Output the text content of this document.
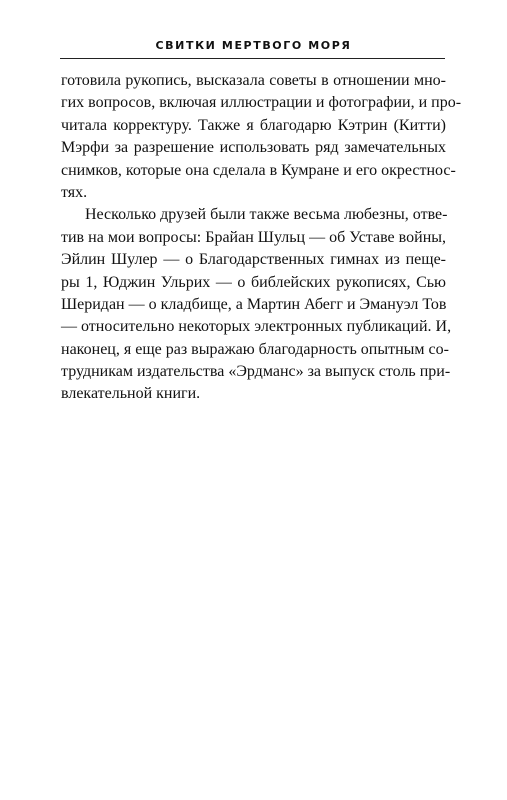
СВИТКИ МЕРТВОГО МОРЯ
готовила рукопись, высказала советы в отношении мно-
гих вопросов, включая иллюстрации и фотографии, и про-
читала корректуру. Также я благодарю Кэтрин (Китти)
Мэрфи за разрешение использовать ряд замечательных
снимков, которые она сделала в Кумране и его окрестнос-
тях.
Несколько друзей были также весьма любезны, отве-
тив на мои вопросы: Брайан Шульц — об Уставе войны,
Эйлин Шулер — о Благодарственных гимнах из пеще-
ры 1, Юджин Ульрих — о библейских рукописях, Сью
Шеридан — о кладбище, а Мартин Абегг и Эмануэл Тов
— относительно некоторых электронных публикаций. И,
наконец, я еще раз выражаю благодарность опытным со-
трудникам издательства «Эрдманс» за выпуск столь при-
влекательной книги.
